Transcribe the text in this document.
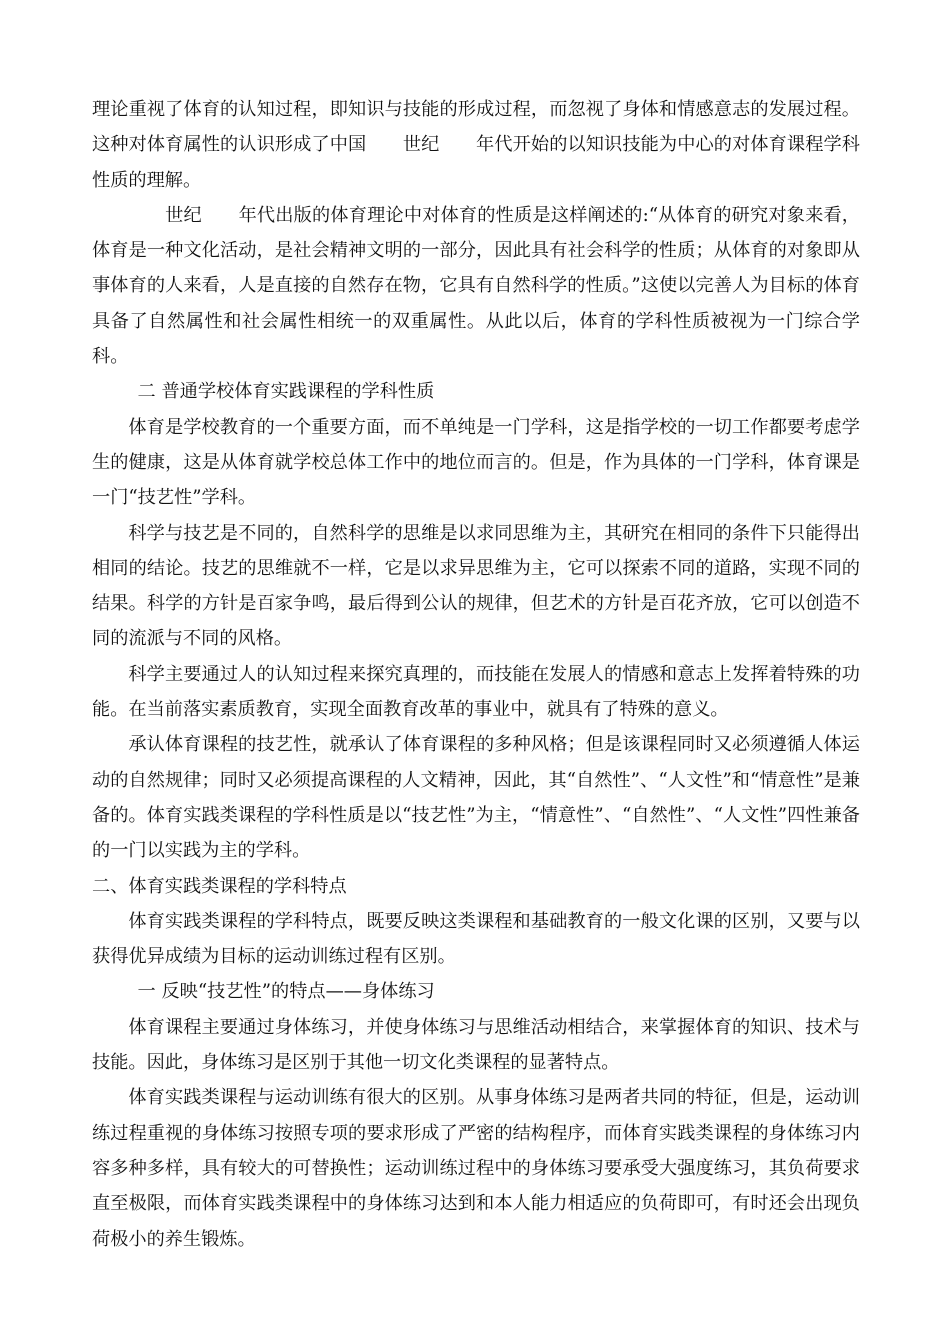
理论重视了体育的认知过程，即知识与技能的形成过程，而忽视了身体和情感意志的发展过程。这种对体育属性的认识形成了中国　　世纪　　年代开始的以知识技能为中心的对体育课程学科性质的理解。

　　世纪　　年代出版的体育理论中对体育的性质是这样阐述的:“从体育的研究对象来看，体育是一种文化活动，是社会精神文明的一部分，因此具有社会科学的性质；从体育的对象即从事体育的人来看，人是直接的自然存在物，它具有自然科学的性质。”这使以完善人为目标的体育具备了自然属性和社会属性相统一的双重属性。从此以后，体育的学科性质被视为一门综合学科。

二 普通学校体育实践课程的学科性质

体育是学校教育的一个重要方面，而不单纯是一门学科，这是指学校的一切工作都要考虑学生的健康，这是从体育就学校总体工作中的地位而言的。但是，作为具体的一门学科，体育课是一门“技艺性”学科。

科学与技艺是不同的，自然科学的思维是以求同思维为主，其研究在相同的条件下只能得出相同的结论。技艺的思维就不一样，它是以求异思维为主，它可以探索不同的道路，实现不同的结果。科学的方针是百家争鸣，最后得到公认的规律，但艺术的方针是百花齐放，它可以创造不同的流派与不同的风格。

科学主要通过人的认知过程来探究真理的，而技能在发展人的情感和意志上发挥着特殊的功能。在当前落实素质教育，实现全面教育改革的事业中，就具有了特殊的意义。

承认体育课程的技艺性，就承认了体育课程的多种风格；但是该课程同时又必须遵循人体运动的自然规律；同时又必须提高课程的人文精神，因此，其“自然性”、“人文性”和“情意性”是兼备的。体育实践类课程的学科性质是以“技艺性”为主，“情意性”、“自然性”、“人文性”四性兼备的一门以实践为主的学科。

二、体育实践类课程的学科特点

体育实践类课程的学科特点，既要反映这类课程和基础教育的一般文化课的区别，又要与以获得优异成绩为目标的运动训练过程有区别。

一 反映“技艺性”的特点——身体练习

体育课程主要通过身体练习，并使身体练习与思维活动相结合，来掌握体育的知识、技术与技能。因此，身体练习是区别于其他一切文化类课程的显著特点。

体育实践类课程与运动训练有很大的区别。从事身体练习是两者共同的特征，但是，运动训练过程重视的身体练习按照专项的要求形成了严密的结构程序，而体育实践类课程的身体练习内容多种多样，具有较大的可替换性；运动训练过程中的身体练习要承受大强度练习，其负荷要求直至极限，而体育实践类课程中的身体练习达到和本人能力相适应的负荷即可，有时还会出现负荷极小的养生锻炼。
